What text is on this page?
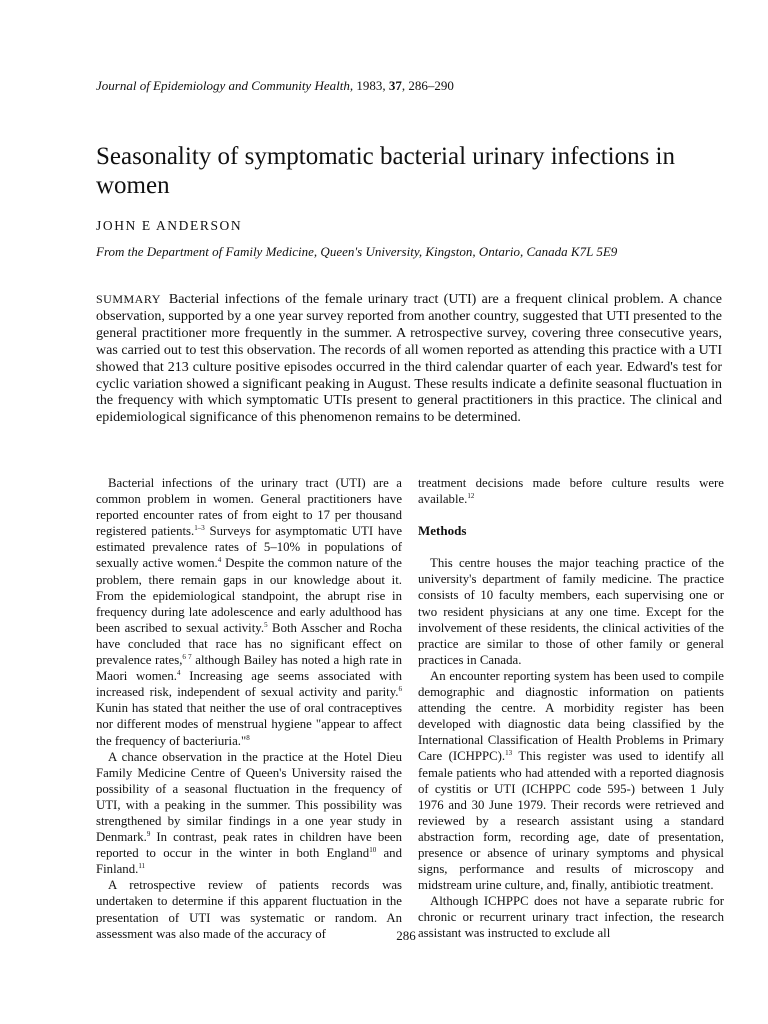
Journal of Epidemiology and Community Health, 1983, 37, 286–290
Seasonality of symptomatic bacterial urinary infections in women
JOHN E ANDERSON
From the Department of Family Medicine, Queen's University, Kingston, Ontario, Canada K7L 5E9

SUMMARY Bacterial infections of the female urinary tract (UTI) are a frequent clinical problem. A chance observation, supported by a one year survey reported from another country, suggested that UTI presented to the general practitioner more frequently in the summer. A retrospective survey, covering three consecutive years, was carried out to test this observation. The records of all women reported as attending this practice with a UTI showed that 213 culture positive episodes occurred in the third calendar quarter of each year. Edward's test for cyclic variation showed a significant peaking in August. These results indicate a definite seasonal fluctuation in the frequency with which symptomatic UTIs present to general practitioners in this practice. The clinical and epidemiological significance of this phenomenon remains to be determined.

Bacterial infections of the urinary tract (UTI) are a common problem in women. General practitioners have reported encounter rates of from eight to 17 per thousand registered patients.$^{1-3}$ Surveys for asymptomatic UTI have estimated prevalence rates of 5–10% in populations of sexually active women.$^4$ Despite the common nature of the problem, there remain gaps in our knowledge about it. From the epidemiological standpoint, the abrupt rise in frequency during late adolescence and early adulthood has been ascribed to sexual activity.$^5$ Both Asscher and Rocha have concluded that race has no significant effect on prevalence rates,$^{6 7}$ although Bailey has noted a high rate in Maori women.$^4$ Increasing age seems associated with increased risk, independent of sexual activity and parity.$^6$ Kunin has stated that neither the use of oral contraceptives nor different modes of menstrual hygiene "appear to affect the frequency of bacteriuria."$^8$

A chance observation in the practice at the Hotel Dieu Family Medicine Centre of Queen's University raised the possibility of a seasonal fluctuation in the frequency of UTI, with a peaking in the summer. This possibility was strengthened by similar findings in a one year study in Denmark.$^9$ In contrast, peak rates in children have been reported to occur in the winter in both England$^{10}$ and Finland.$^{11}$

A retrospective review of patients records was undertaken to determine if this apparent fluctuation in the presentation of UTI was systematic or random. An assessment was also made of the accuracy of

treatment decisions made before culture results were available.$^{12}$

Methods

This centre houses the major teaching practice of the university's department of family medicine. The practice consists of 10 faculty members, each supervising one or two resident physicians at any one time. Except for the involvement of these residents, the clinical activities of the practice are similar to those of other family or general practices in Canada.

An encounter reporting system has been used to compile demographic and diagnostic information on patients attending the centre. A morbidity register has been developed with diagnostic data being classified by the International Classification of Health Problems in Primary Care (ICHPPC).$^{13}$ This register was used to identify all female patients who had attended with a reported diagnosis of cystitis or UTI (ICHPPC code 595-) between 1 July 1976 and 30 June 1979. Their records were retrieved and reviewed by a research assistant using a standard abstraction form, recording age, date of presentation, presence or absence of urinary symptoms and physical signs, performance and results of microscopy and midstream urine culture, and, finally, antibiotic treatment.

Although ICHPPC does not have a separate rubric for chronic or recurrent urinary tract infection, the research assistant was instructed to exclude all

286
